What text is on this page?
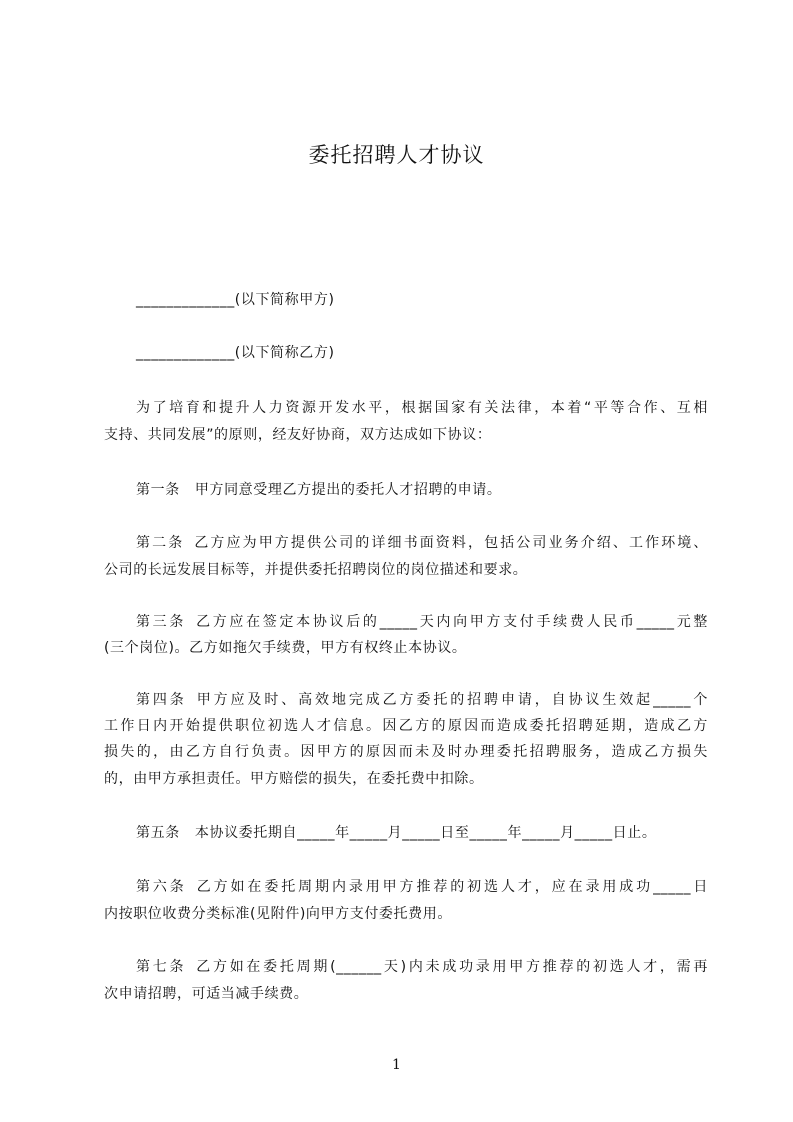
委托招聘人才协议
_____________(以下简称甲方)
_____________(以下简称乙方)
为了培育和提升人力资源开发水平，根据国家有关法律，本着“平等合作、互相
支持、共同发展”的原则，经友好协商，双方达成如下协议：
第一条 甲方同意受理乙方提出的委托人才招聘的申请。
第二条 乙方应为甲方提供公司的详细书面资料，包括公司业务介绍、工作环境、
公司的长远发展目标等，并提供委托招聘岗位的岗位描述和要求。
第三条 乙方应在签定本协议后的_____天内向甲方支付手续费人民币_____元整
(三个岗位)。乙方如拖欠手续费，甲方有权终止本协议。
第四条 甲方应及时、高效地完成乙方委托的招聘申请，自协议生效起_____个
工作日内开始提供职位初选人才信息。因乙方的原因而造成委托招聘延期，造成乙方
损失的，由乙方自行负责。因甲方的原因而未及时办理委托招聘服务，造成乙方损失
的，由甲方承担责任。甲方赔偿的损失，在委托费中扣除。
第五条 本协议委托期自_____年_____月_____日至_____年_____月_____日止。
第六条 乙方如在委托周期内录用甲方推荐的初选人才，应在录用成功_____日
内按职位收费分类标准(见附件)向甲方支付委托费用。
第七条 乙方如在委托周期(______天)内未成功录用甲方推荐的初选人才，需再
次申请招聘，可适当减手续费。
1
